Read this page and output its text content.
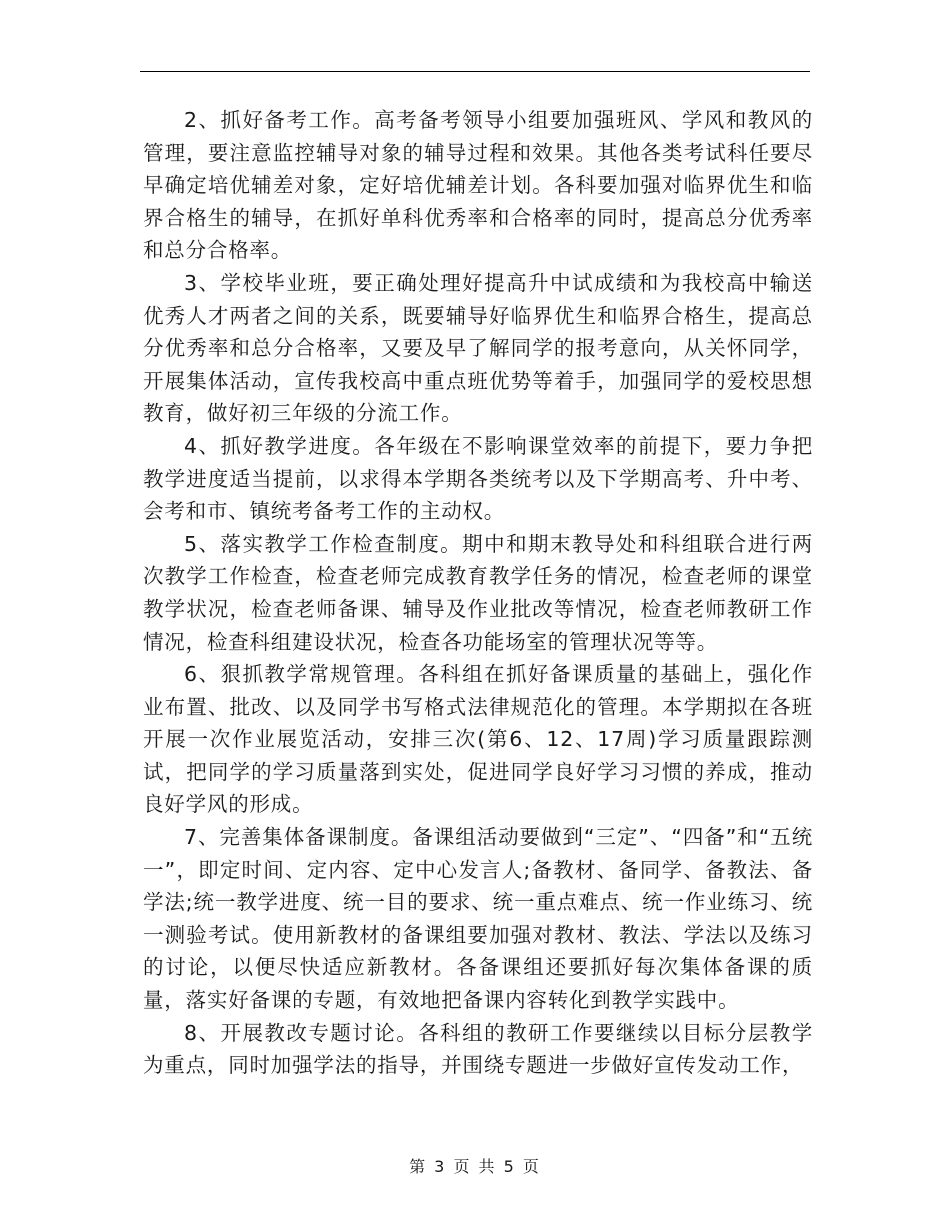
2、抓好备考工作。高考备考领导小组要加强班风、学风和教风的管理，要注意监控辅导对象的辅导过程和效果。其他各类考试科任要尽早确定培优辅差对象，定好培优辅差计划。各科要加强对临界优生和临界合格生的辅导，在抓好单科优秀率和合格率的同时，提高总分优秀率和总分合格率。

3、学校毕业班，要正确处理好提高升中试成绩和为我校高中输送优秀人才两者之间的关系，既要辅导好临界优生和临界合格生，提高总分优秀率和总分合格率，又要及早了解同学的报考意向，从关怀同学，开展集体活动，宣传我校高中重点班优势等着手，加强同学的爱校思想教育，做好初三年级的分流工作。

4、抓好教学进度。各年级在不影响课堂效率的前提下，要力争把教学进度适当提前，以求得本学期各类统考以及下学期高考、升中考、会考和市、镇统考备考工作的主动权。

5、落实教学工作检查制度。期中和期末教导处和科组联合进行两次教学工作检查，检查老师完成教育教学任务的情况，检查老师的课堂教学状况，检查老师备课、辅导及作业批改等情况，检查老师教研工作情况，检查科组建设状况，检查各功能场室的管理状况等等。

6、狠抓教学常规管理。各科组在抓好备课质量的基础上，强化作业布置、批改、以及同学书写格式法律规范化的管理。本学期拟在各班开展一次作业展览活动，安排三次(第6、12、17周)学习质量跟踪测试，把同学的学习质量落到实处，促进同学良好学习习惯的养成，推动良好学风的形成。

7、完善集体备课制度。备课组活动要做到“三定”、“四备”和“五统一”，即定时间、定内容、定中心发言人;备教材、备同学、备教法、备学法;统一教学进度、统一目的要求、统一重点难点、统一作业练习、统一测验考试。使用新教材的备课组要加强对教材、教法、学法以及练习的讨论，以便尽快适应新教材。各备课组还要抓好每次集体备课的质量，落实好备课的专题，有效地把备课内容转化到教学实践中。

8、开展教改专题讨论。各科组的教研工作要继续以目标分层教学为重点，同时加强学法的指导，并围绕专题进一步做好宣传发动工作，

第 3 页 共 5 页
